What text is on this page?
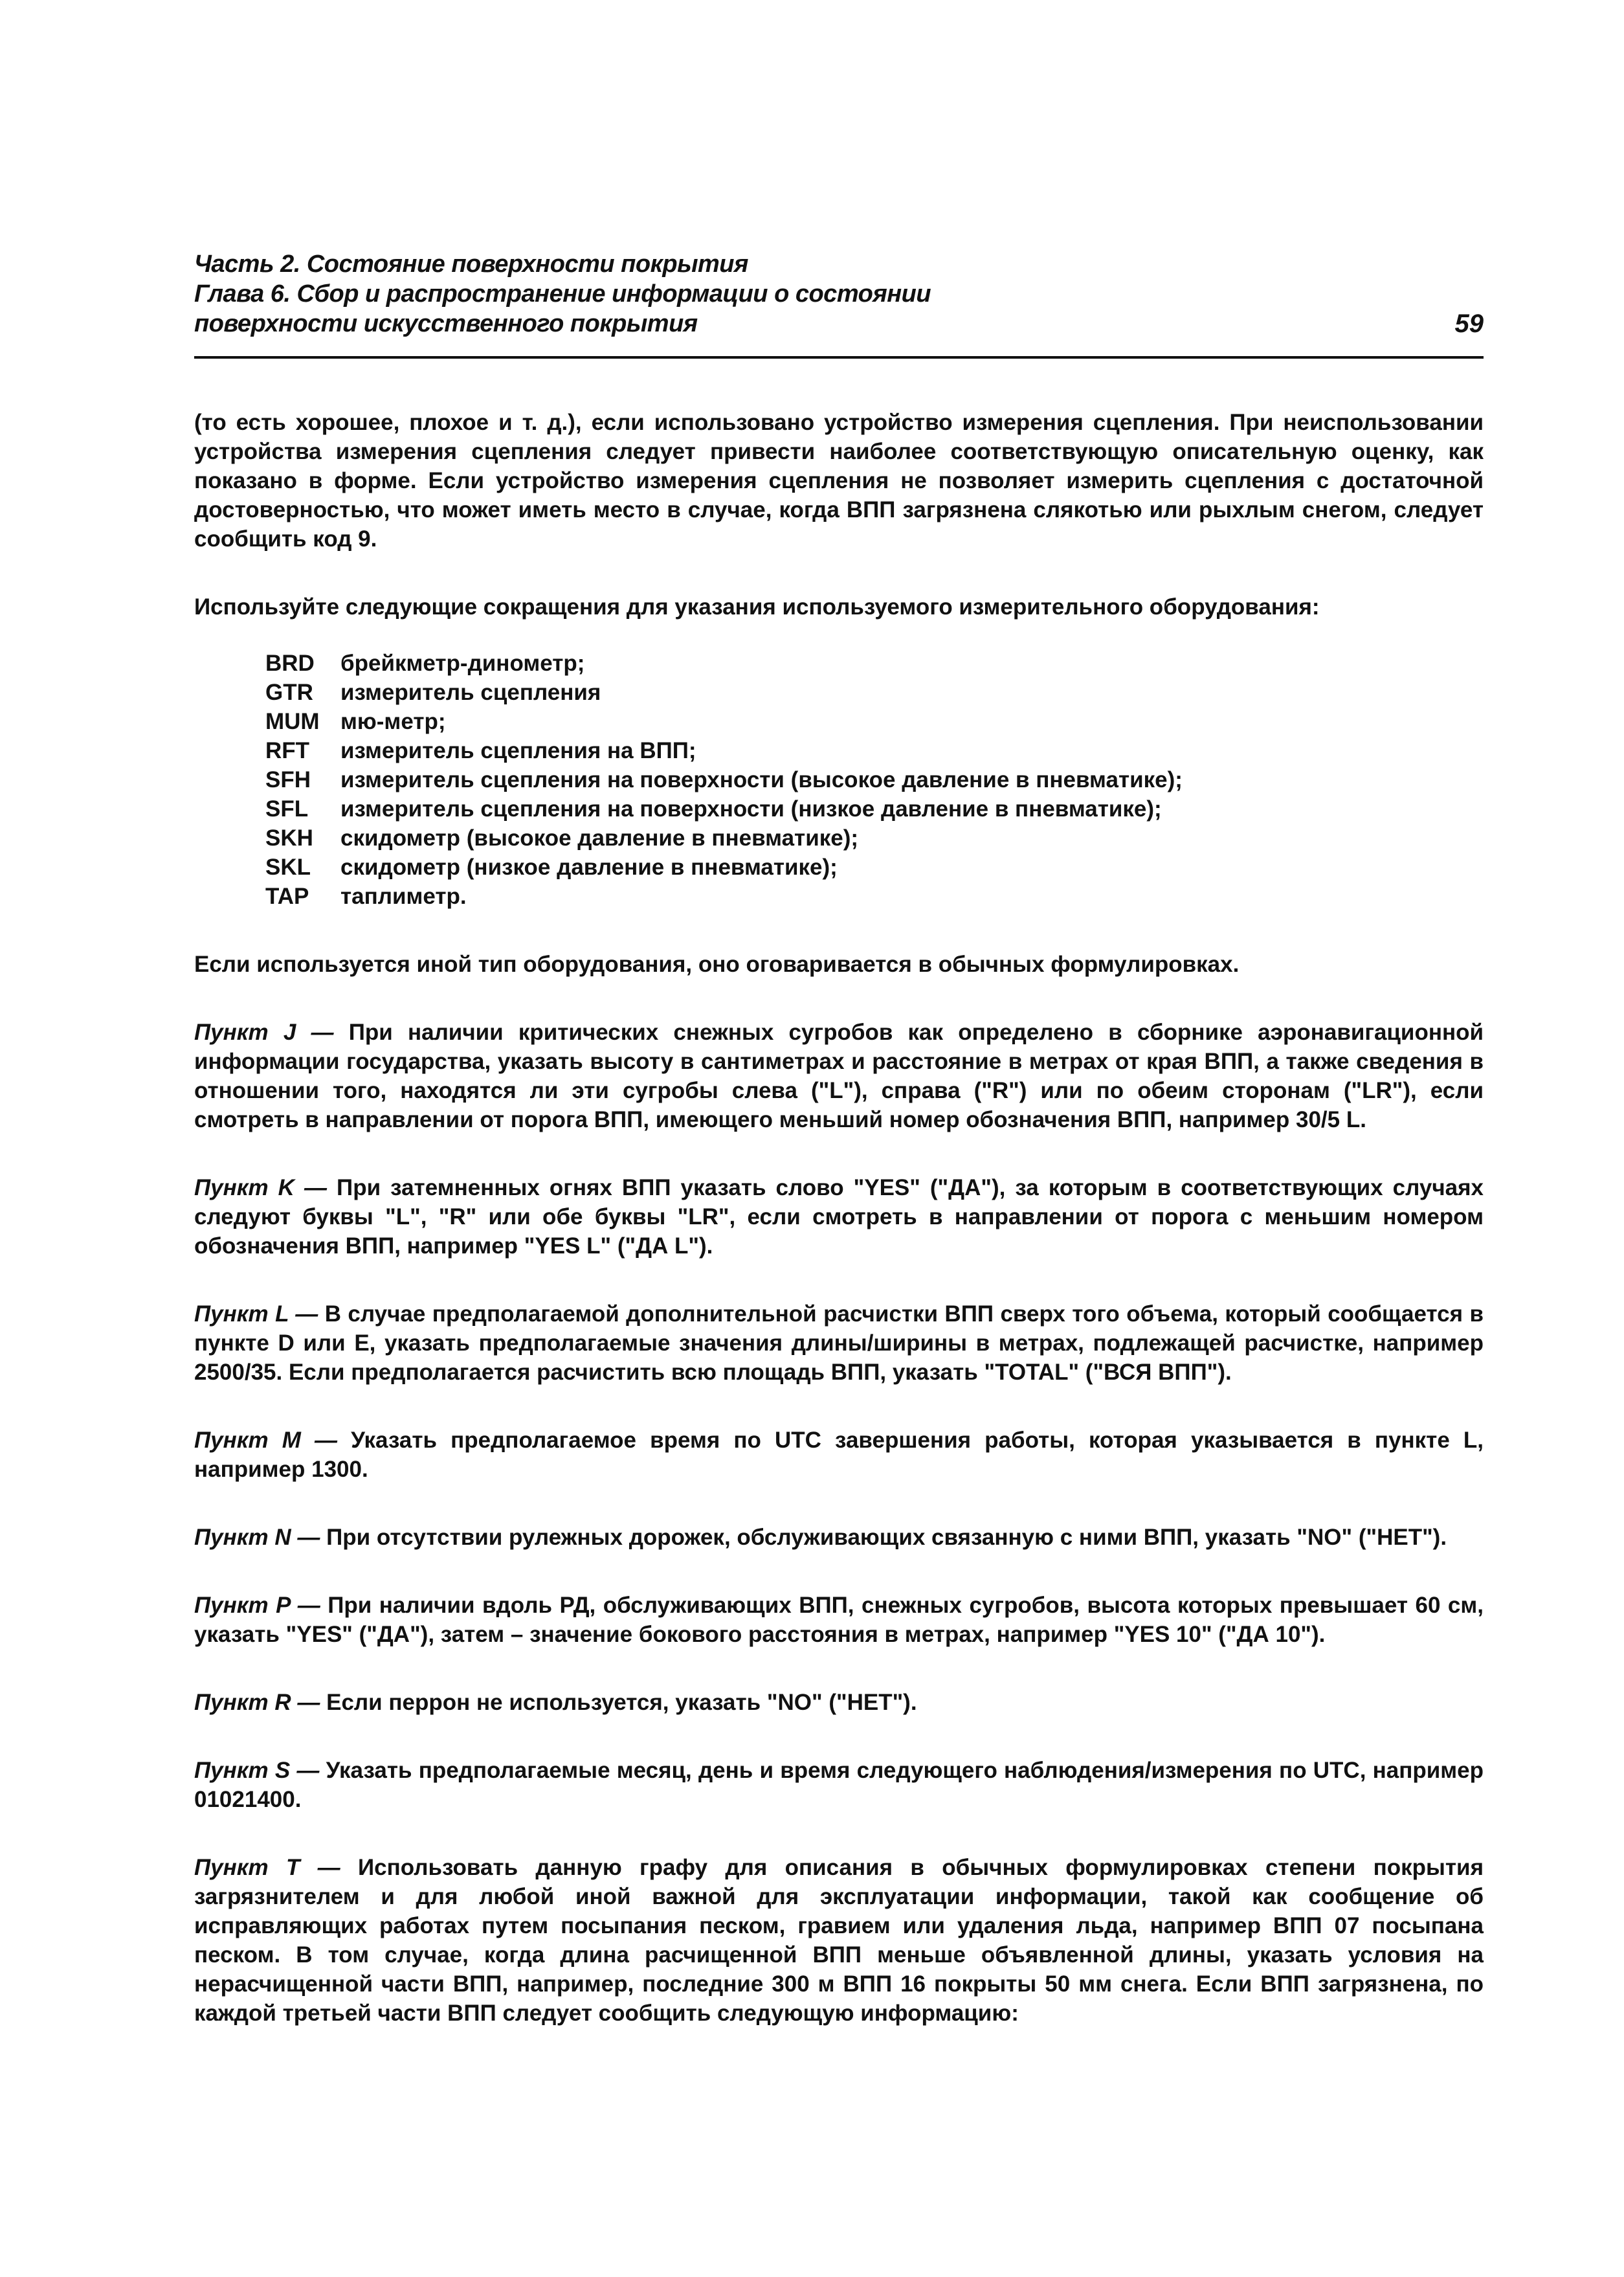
Часть 2. Состояние поверхности покрытия
Глава 6. Сбор и распространение информации о состоянии
поверхности искусственного покрытия	59

(то есть хорошее, плохое и т. д.), если использовано устройство измерения сцепления. При неиспользовании устройства измерения сцепления следует привести наиболее соответствующую описательную оценку, как показано в форме. Если устройство измерения сцепления не позволяет измерить сцепления с достаточной достоверностью, что может иметь место в случае, когда ВПП загрязнена слякотью или рыхлым снегом, следует сообщить код 9.

Используйте следующие сокращения для указания используемого измерительного оборудования:

BRD	брейкметр-динометр;
GTR	измеритель сцепления
MUM мю-метр;
RFT	измеритель сцепления на ВПП;
SFH	измеритель сцепления на поверхности (высокое давление в пневматике);
SFL	измеритель сцепления на поверхности (низкое давление в пневматике);
SKH	скидометр (высокое давление в пневматике);
SKL	скидометр (низкое давление в пневматике);
TAP	таплиметр.

Если используется иной тип оборудования, оно оговаривается в обычных формулировках.

Пункт J — При наличии критических снежных сугробов как определено в сборнике аэронавигационной информации государства, указать высоту в сантиметрах и расстояние в метрах от края ВПП, а также сведения в отношении того, находятся ли эти сугробы слева ("L"), справа ("R") или по обеим сторонам ("LR"), если смотреть в направлении от порога ВПП, имеющего меньший номер обозначения ВПП, например 30/5 L.

Пункт K — При затемненных огнях ВПП указать слово "YES" ("ДА"), за которым в соответствующих случаях следуют буквы "L", "R" или обе буквы "LR", если смотреть в направлении от порога с меньшим номером обозначения ВПП, например "YES L" ("ДА L").

Пункт L — В случае предполагаемой дополнительной расчистки ВПП сверх того объема, который сообщается в пункте D или E, указать предполагаемые значения длины/ширины в метрах, подлежащей расчистке, например 2500/35. Если предполагается расчистить всю площадь ВПП, указать "TOTAL" ("ВСЯ ВПП").

Пункт M — Указать предполагаемое время по UTC завершения работы, которая указывается в пункте L, например 1300.

Пункт N — При отсутствии рулежных дорожек, обслуживающих связанную с ними ВПП, указать "NO" ("НЕТ").

Пункт P — При наличии вдоль РД, обслуживающих ВПП, снежных сугробов, высота которых превышает 60 см, указать "YES" ("ДА"), затем – значение бокового расстояния в метрах, например "YES 10" ("ДА 10").

Пункт R — Если перрон не используется, указать "NO" ("НЕТ").

Пункт S — Указать предполагаемые месяц, день и время следующего наблюдения/измерения по UTC, например 01021400.

Пункт T — Использовать данную графу для описания в обычных формулировках степени покрытия загрязнителем и для любой иной важной для эксплуатации информации, такой как сообщение об исправляющих работах путем посыпания песком, гравием или удаления льда, например ВПП 07 посыпана песком. В том случае, когда длина расчищенной ВПП меньше объявленной длины, указать условия на нерасчищенной части ВПП, например, последние 300 м ВПП 16 покрыты 50 мм снега. Если ВПП загрязнена, по каждой третьей части ВПП следует сообщить следующую информацию:
